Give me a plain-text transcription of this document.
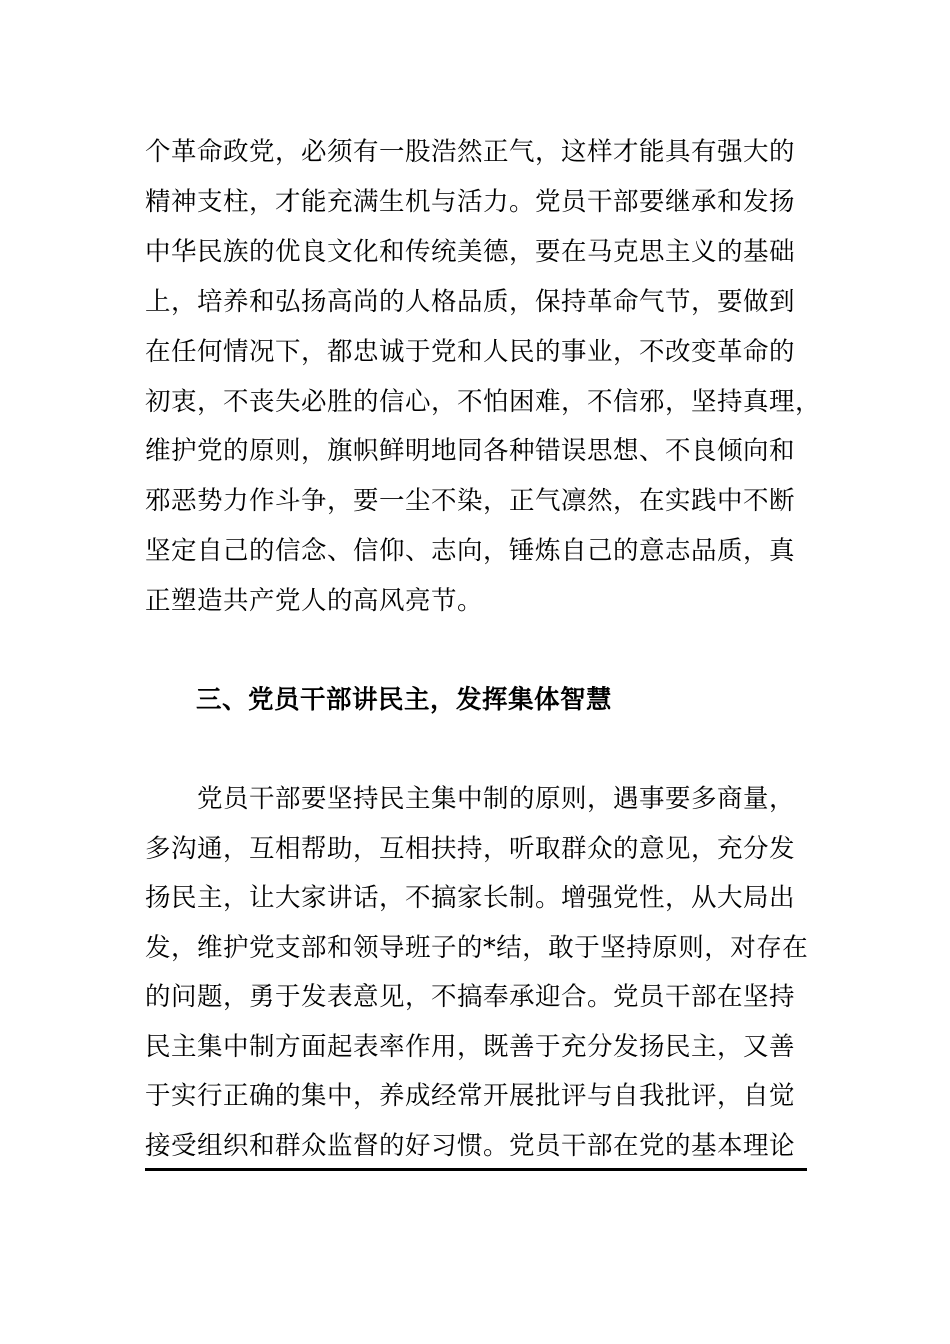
个革命政党，必须有一股浩然正气，这样才能具有强大的
精神支柱，才能充满生机与活力。党员干部要继承和发扬
中华民族的优良文化和传统美德，要在马克思主义的基础
上，培养和弘扬高尚的人格品质，保持革命气节，要做到
在任何情况下，都忠诚于党和人民的事业，不改变革命的
初衷，不丧失必胜的信心，不怕困难，不信邪，坚持真理，
维护党的原则，旗帜鲜明地同各种错误思想、不良倾向和
邪恶势力作斗争，要一尘不染，正气凛然，在实践中不断
坚定自己的信念、信仰、志向，锤炼自己的意志品质，真
正塑造共产党人的高风亮节。
三、党员干部讲民主，发挥集体智慧
　　党员干部要坚持民主集中制的原则，遇事要多商量，
多沟通，互相帮助，互相扶持，听取群众的意见，充分发
扬民主，让大家讲话，不搞家长制。增强党性，从大局出
发，维护党支部和领导班子的*结，敢于坚持原则，对存在
的问题，勇于发表意见，不搞奉承迎合。党员干部在坚持
民主集中制方面起表率作用，既善于充分发扬民主，又善
于实行正确的集中，养成经常开展批评与自我批评，自觉
接受组织和群众监督的好习惯。党员干部在党的基本理论
